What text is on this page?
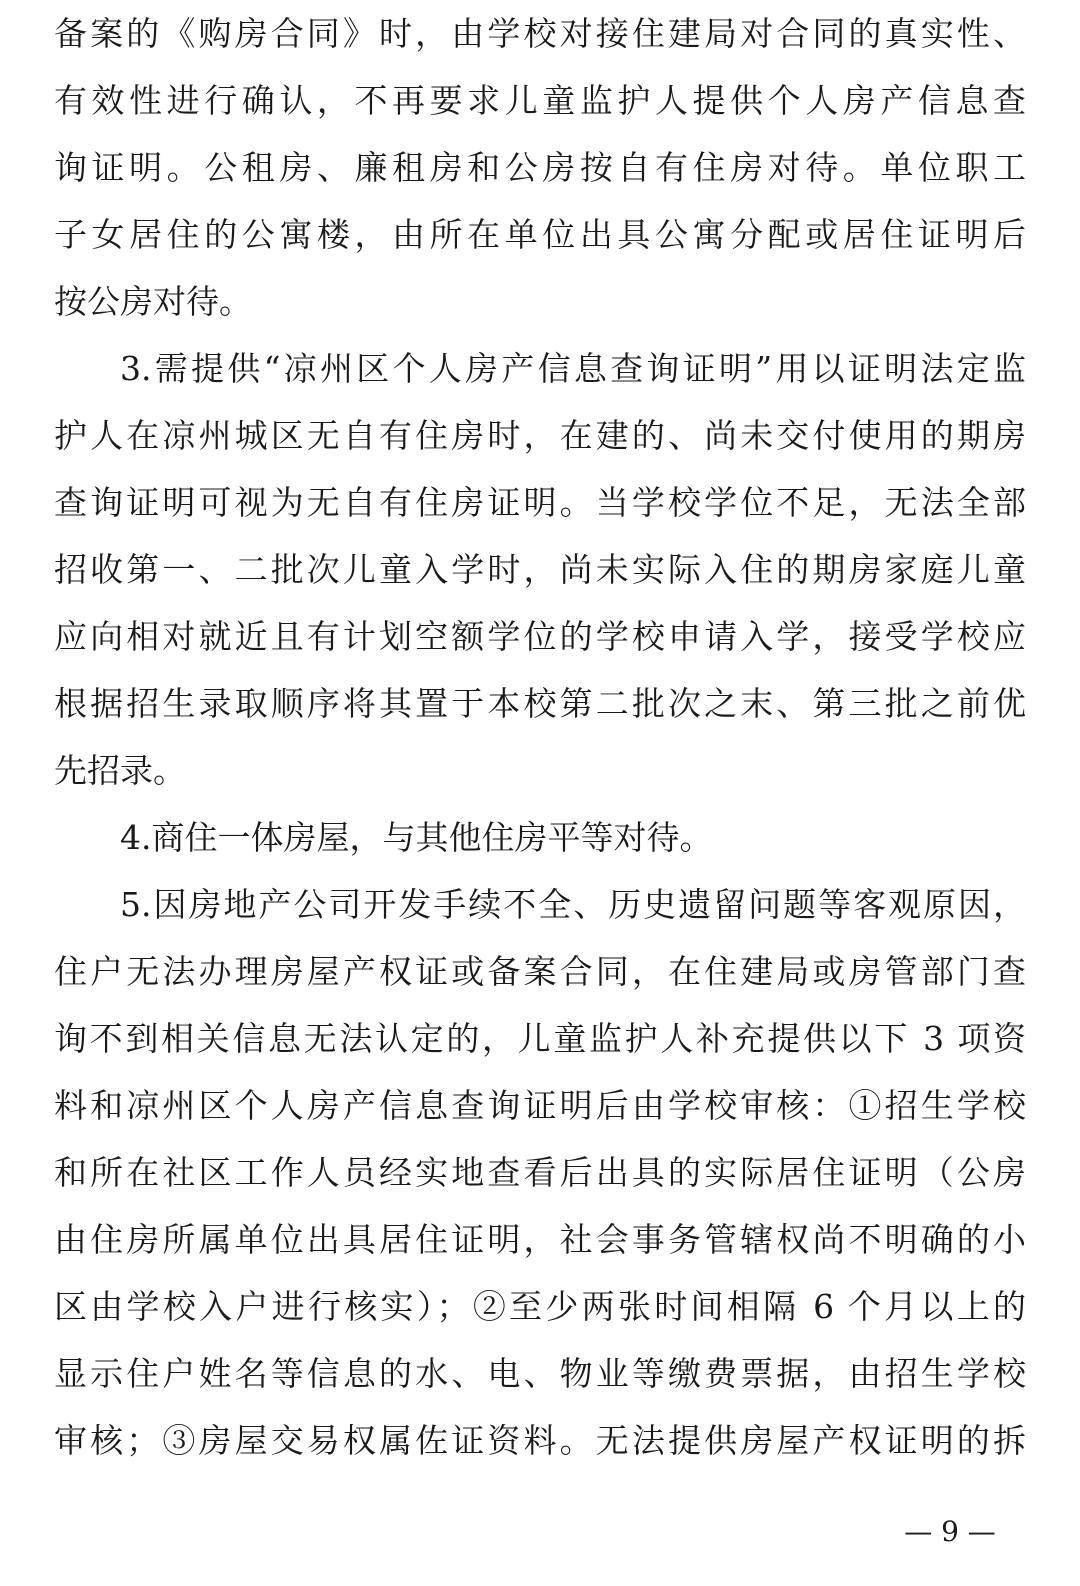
备案的《购房合同》时，由学校对接住建局对合同的真实性、
有效性进行确认，不再要求儿童监护人提供个人房产信息查
询证明。公租房、廉租房和公房按自有住房对待。单位职工
子女居住的公寓楼，由所在单位出具公寓分配或居住证明后
按公房对待。
3.需提供“凉州区个人房产信息查询证明”用以证明法定监
护人在凉州城区无自有住房时，在建的、尚未交付使用的期房
查询证明可视为无自有住房证明。当学校学位不足，无法全部
招收第一、二批次儿童入学时，尚未实际入住的期房家庭儿童
应向相对就近且有计划空额学位的学校申请入学，接受学校应
根据招生录取顺序将其置于本校第二批次之末、第三批之前优
先招录。
4.商住一体房屋，与其他住房平等对待。
5.因房地产公司开发手续不全、历史遗留问题等客观原因，
住户无法办理房屋产权证或备案合同，在住建局或房管部门查
询不到相关信息无法认定的，儿童监护人补充提供以下 3 项资
料和凉州区个人房产信息查询证明后由学校审核：①招生学校
和所在社区工作人员经实地查看后出具的实际居住证明（公房
由住房所属单位出具居住证明，社会事务管辖权尚不明确的小
区由学校入户进行核实）；②至少两张时间相隔 6 个月以上的
显示住户姓名等信息的水、电、物业等缴费票据，由招生学校
审核；③房屋交易权属佐证资料。无法提供房屋产权证明的拆
— 9 —
